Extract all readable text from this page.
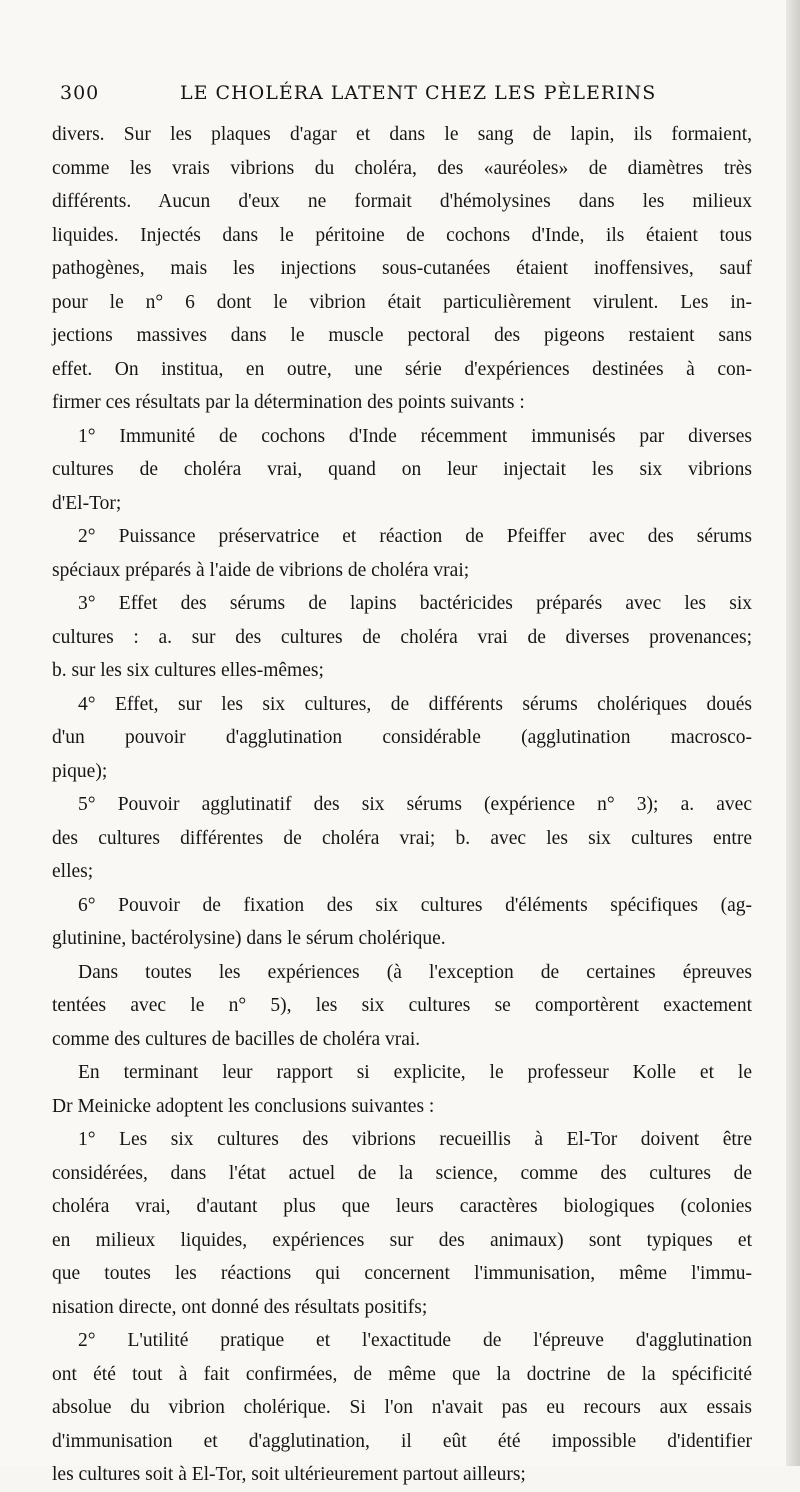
300	LE CHOLÉRA LATENT CHEZ LES PÈLERINS
divers. Sur les plaques d'agar et dans le sang de lapin, ils formaient,
comme les vrais vibrions du choléra, des «auréoles» de diamètres très
différents. Aucun d'eux ne formait d'hémolysines dans les milieux
liquides. Injectés dans le péritoine de cochons d'Inde, ils étaient tous
pathogènes, mais les injections sous-cutanées étaient inoffensives, sauf
pour le n° 6 dont le vibrion était particulièrement virulent. Les in-
jections massives dans le muscle pectoral des pigeons restaient sans
effet. On institua, en outre, une série d'expériences destinées à con-
firmer ces résultats par la détermination des points suivants :
1° Immunité de cochons d'Inde récemment immunisés par diverses
cultures de choléra vrai, quand on leur injectait les six vibrions
d'El-Tor;
2° Puissance préservatrice et réaction de Pfeiffer avec des sérums
spéciaux préparés à l'aide de vibrions de choléra vrai;
3° Effet des sérums de lapins bactéricides préparés avec les six
cultures : a. sur des cultures de choléra vrai de diverses provenances;
b. sur les six cultures elles-mêmes;
4° Effet, sur les six cultures, de différents sérums cholériques doués
d'un pouvoir d'agglutination considérable (agglutination macrosco-
pique);
5° Pouvoir agglutinatif des six sérums (expérience n° 3); a. avec
des cultures différentes de choléra vrai; b. avec les six cultures entre
elles;
6° Pouvoir de fixation des six cultures d'éléments spécifiques (ag-
glutinine, bactérolysine) dans le sérum cholérique.
Dans toutes les expériences (à l'exception de certaines épreuves
tentées avec le n° 5), les six cultures se comportèrent exactement
comme des cultures de bacilles de choléra vrai.
En terminant leur rapport si explicite, le professeur Kolle et le
Dr Meinicke adoptent les conclusions suivantes :
1° Les six cultures des vibrions recueillis à El-Tor doivent être
considérées, dans l'état actuel de la science, comme des cultures de
choléra vrai, d'autant plus que leurs caractères biologiques (colonies
en milieux liquides, expériences sur des animaux) sont typiques et
que toutes les réactions qui concernent l'immunisation, même l'immu-
nisation directe, ont donné des résultats positifs;
2° L'utilité pratique et l'exactitude de l'épreuve d'agglutination
ont été tout à fait confirmées, de même que la doctrine de la spécificité
absolue du vibrion cholérique. Si l'on n'avait pas eu recours aux essais
d'immunisation et d'agglutination, il eût été impossible d'identifier
les cultures soit à El-Tor, soit ultérieurement partout ailleurs;
